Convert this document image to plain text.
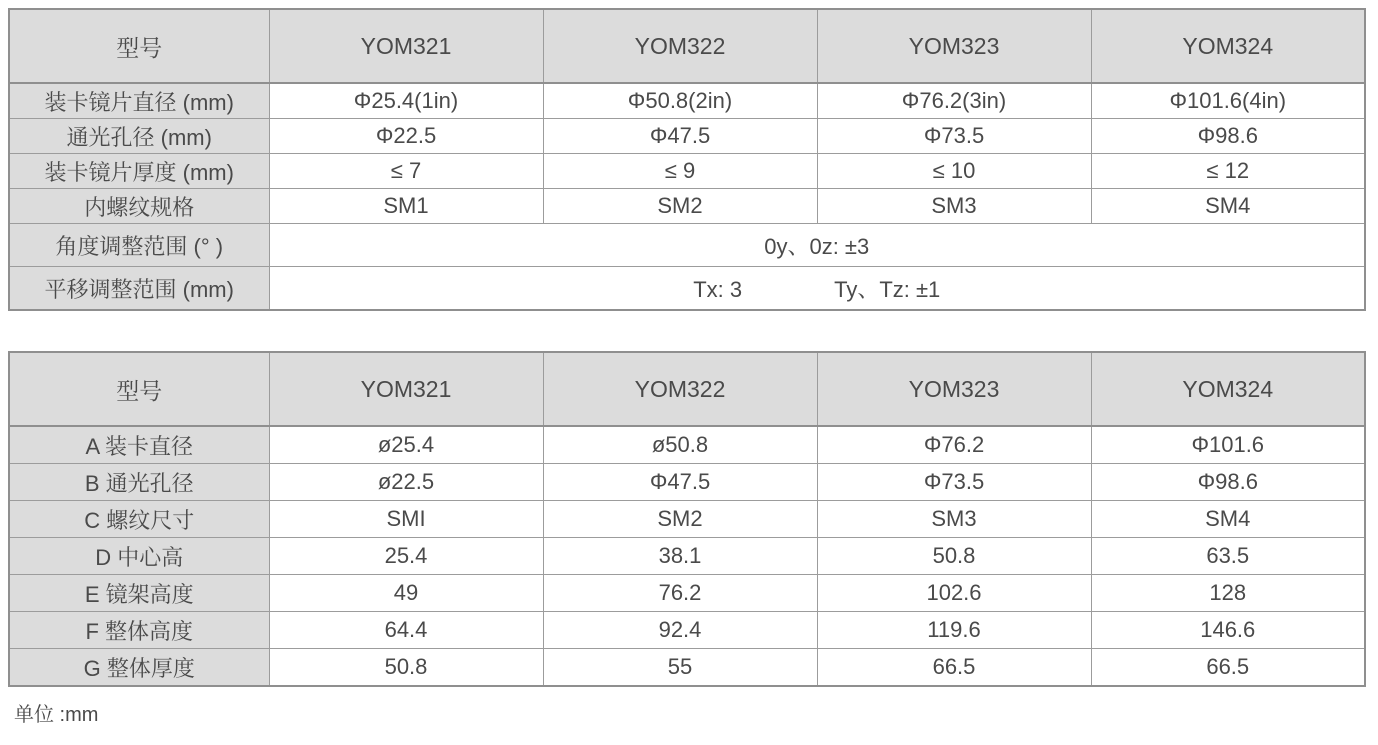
型号	YOM321	YOM322	YOM323	YOM324
装卡镜片直径 (mm)	Φ25.4(1in)	Φ50.8(2in)	Φ76.2(3in)	Φ101.6(4in)
通光孔径 (mm)	Φ22.5	Φ47.5	Φ73.5	Φ98.6
装卡镜片厚度 (mm)	≤ 7	≤ 9	≤ 10	≤ 12
内螺纹规格	SM1	SM2	SM3	SM4
角度调整范围 (° )	0y、0z: ±3			
平移调整范围 (mm)	Tx: 3 Ty、Tz: ±1			
型号	YOM321	YOM322	YOM323	YOM324
A 装卡直径	ø25.4	ø50.8	Φ76.2	Φ101.6
B 通光孔径	ø22.5	Φ47.5	Φ73.5	Φ98.6
C 螺纹尺寸	SMI	SM2	SM3	SM4
D 中心高	25.4	38.1	50.8	63.5
E 镜架高度	49	76.2	102.6	128
F 整体高度	64.4	92.4	119.6	146.6
G 整体厚度	50.8	55	66.5	66.5
单位 :mm
